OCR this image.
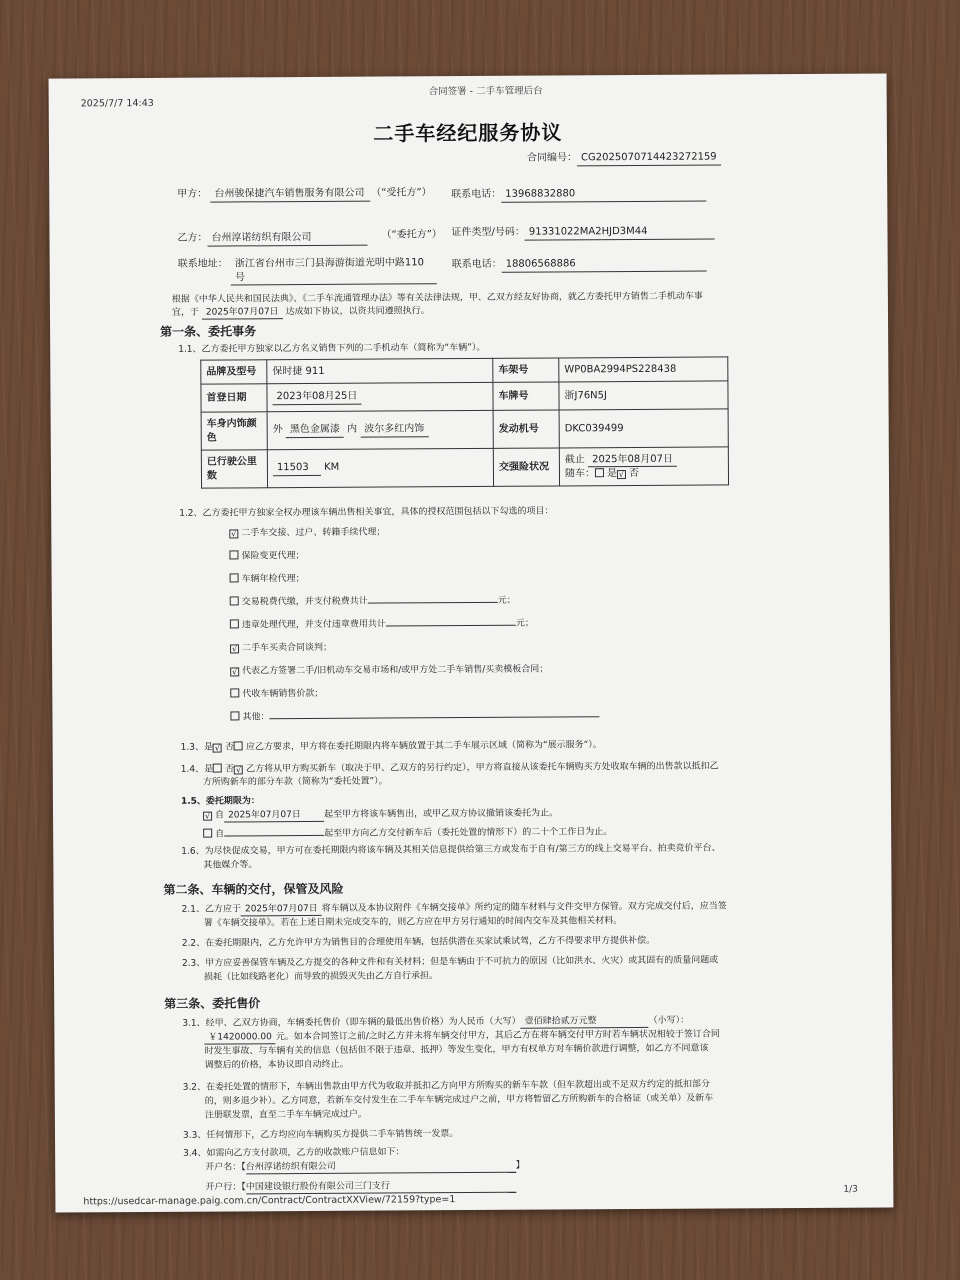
2025/7/7 14:43
合同签署 - 二手车管理后台
二手车经纪服务协议
合同编号： CG2025070714423272159
甲方： 台州骏保捷汽车销售服务有限公司 （“受托方”） 联系电话： 13968832880
乙方： 台州淳诺纺织有限公司	（“委托方”） 证件类型/号码： 91331022MA2HJD3M44
联系地址： 浙江省台州市三门县海游街道光明中路110号
联系电话： 18806568886
根据《中华人民共和国民法典》、《二手车流通管理办法》等有关法律法规，甲、乙双方经友好协商，就乙方委托甲方销售二手机动车事
宜，于 2025年07月07日 达成如下协议，以资共同遵照执行。
第一条、委托事务
1.1、乙方委托甲方独家以乙方名义销售下列的二手机动车（简称为“车辆”）。
品牌及型号	保时捷 911	车架号	WP0BA2994PS228438
首登日期	2023年08月25日	车牌号	浙J76N5J
车身内饰颜色	外 黑色金属漆 内 波尔多红内饰	发动机号	DKC039499
已行驶公里数	11503 KM	交强险状况	截止 2025年08月07日
随车： 是 √ 否
1.2、乙方委托甲方独家全权办理该车辆出售相关事宜，具体的授权范围包括以下勾选的项目：
√ 二手车交接、过户、转籍手续代理；
保险变更代理；
车辆年检代理；
交易税费代缴，并支付税费共计	元；
违章处理代理，并支付违章费用共计	元；
√ 二手车买卖合同谈判；
√ 代表乙方签署二手/旧机动车交易市场和/或甲方处二手车销售/买卖模板合同；
代收车辆销售价款；
其他：
1.3、是 √ 否 应乙方要求，甲方将在委托期限内将车辆放置于其二手车展示区域（简称为“展示服务”）。
1.4、是 否 √ 乙方将从甲方购买新车（取决于甲、乙双方的另行约定），甲方将直接从该委托车辆购买方处收取车辆的出售款以抵扣乙
方所购新车的部分车款（简称为“委托处置”）。
1.5、委托期限为：
√ 自 2025年07月07日	起至甲方将该车辆售出，或甲乙双方协议撤销该委托为止。
自	起至甲方向乙方交付新车后（委托处置的情形下）的二十个工作日为止。
1.6、为尽快促成交易，甲方可在委托期限内将该车辆及其相关信息提供给第三方或发布于自有/第三方的线上交易平台、拍卖竞价平台、
其他媒介等。
第二条、车辆的交付，保管及风险
2.1、乙方应于 2025年07月07日 将车辆以及本协议附件《车辆交接单》所约定的随车材料与文件交甲方保管。双方完成交付后，应当签
署《车辆交接单》。若在上述日期未完成交车的，则乙方应在甲方另行通知的时间内交车及其他相关材料。
2.2、在委托期限内，乙方允许甲方为销售目的合理使用车辆，包括供潜在买家试乘试驾，乙方不得要求甲方提供补偿。
2.3、甲方应妥善保管车辆及乙方提交的各种文件和有关材料；但是车辆由于不可抗力的原因（比如洪水、火灾）或其固有的质量问题或
损耗（比如线路老化）而导致的损毁灭失由乙方自行承担。
第三条、委托售价
3.1、经甲、乙双方协商，车辆委托售价（即车辆的最低出售价格）为人民币（大写） 壹佰肆拾贰万元整	（小写）：
￥1420000.00 元。如本合同签订之前/之时乙方并未将车辆交付甲方，其后乙方在将车辆交付甲方时若车辆状况相较于签订合同
时发生事故、与车辆有关的信息（包括但不限于违章、抵押）等发生变化，甲方有权单方对车辆价款进行调整，如乙方不同意该
调整后的价格，本协议即自动终止。
3.2、在委托处置的情形下，车辆出售款由甲方代为收取并抵扣乙方向甲方所购买的新车车款（但车款超出或不足双方约定的抵扣部分
的，则多退少补）。乙方同意，若新车交付发生在二手车车辆完成过户之前，甲方将暂留乙方所购新车的合格证（或关单）及新车
注册联发票，直至二手车车辆完成过户。
3.3、任何情形下，乙方均应向车辆购买方提供二手车销售统一发票。
3.4、如需向乙方支付款项，乙方的收款账户信息如下：
开户名：【台州淳诺纺织有限公司	】
开户行：【中国建设银行股份有限公司三门支行
https://usedcar-manage.paig.com.cn/Contract/ContractXXView/72159?type=1
1/3
